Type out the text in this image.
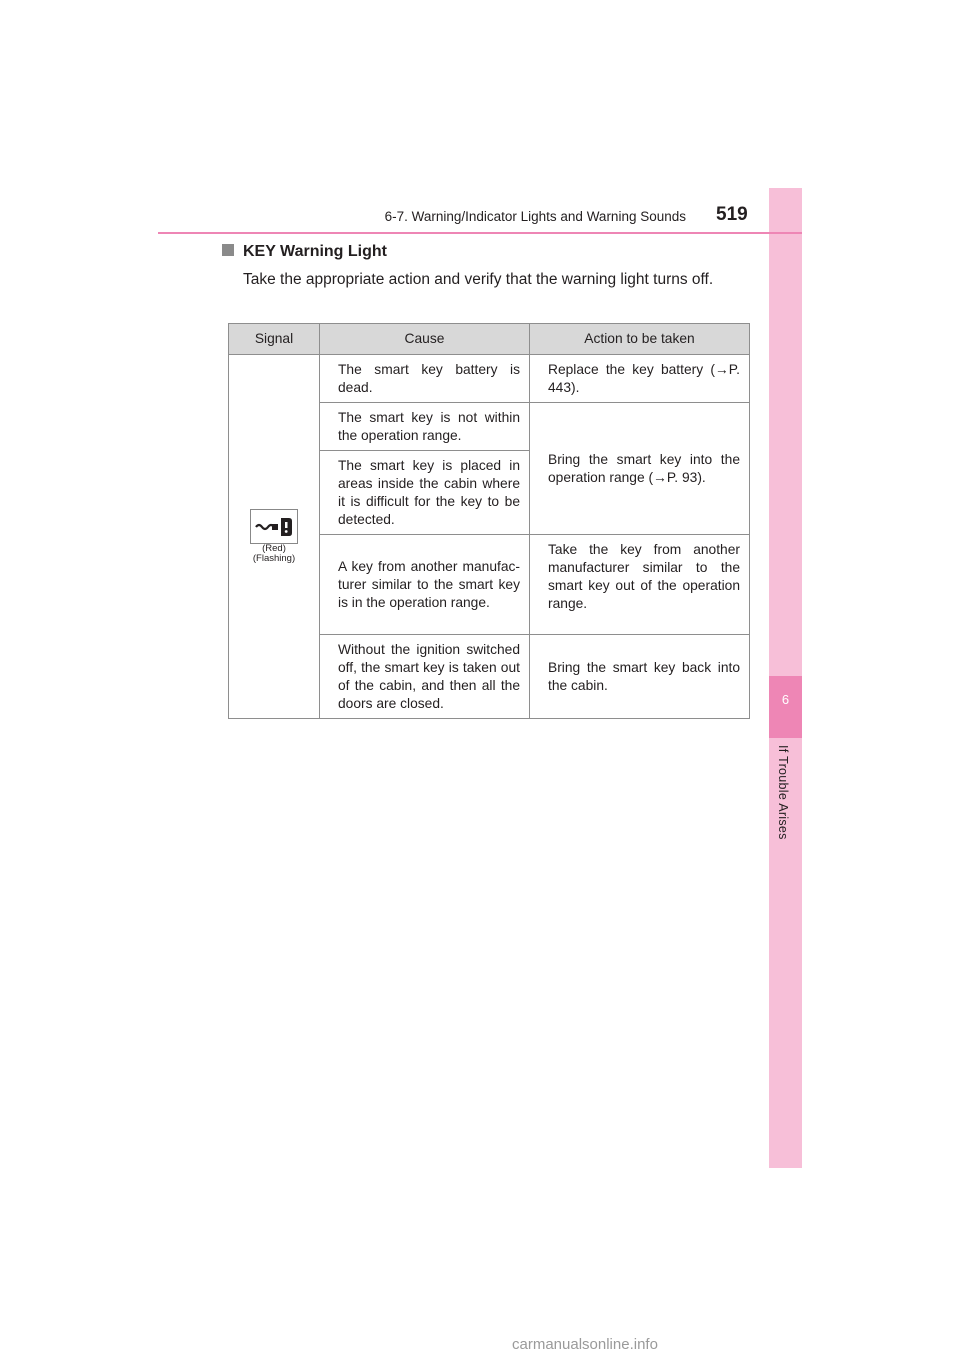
6
If Trouble Arises
6-7. Warning/Indicator Lights and Warning Sounds 519
KEY Warning Light
Take the appropriate action and verify that the warning light turns off.
Signal	Cause	Action to be taken

(Red)
(Flashing)	The smart key battery is dead.	Replace the key battery (→P. 443).
	The smart key is not within the operation range.	Bring the smart key into the operation range (→P. 93).
	The smart key is placed in areas inside the cabin where it is difficult for the key to be detected.	
	A key from another manufac-turer similar to the smart key is in the operation range.	Take the key from another manufacturer similar to the smart key out of the operation range.
	Without the ignition switched off, the smart key is taken out of the cabin, and then all the doors are closed.	Bring the smart key back into the cabin.
carmanualsonline.info
